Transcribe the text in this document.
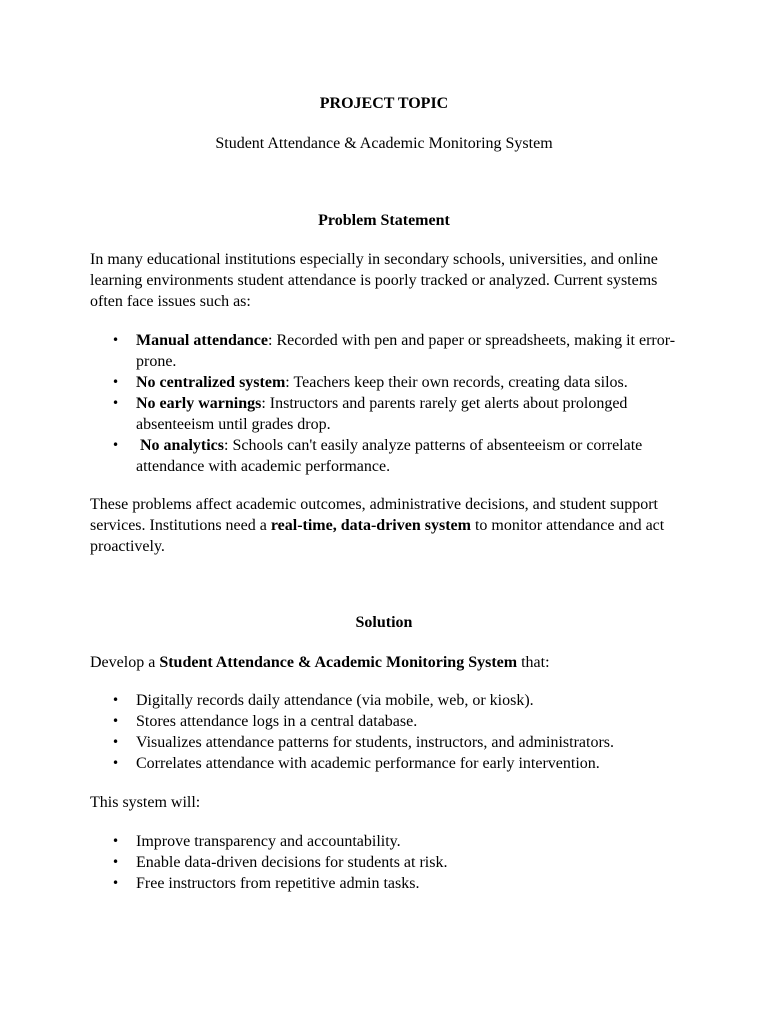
PROJECT TOPIC

Student Attendance & Academic Monitoring System

Problem Statement

In many educational institutions especially in secondary schools, universities, and online learning environments student attendance is poorly tracked or analyzed. Current systems often face issues such as:

• Manual attendance: Recorded with pen and paper or spreadsheets, making it error-prone.
• No centralized system: Teachers keep their own records, creating data silos.
• No early warnings: Instructors and parents rarely get alerts about prolonged absenteeism until grades drop.
• No analytics: Schools can't easily analyze patterns of absenteeism or correlate attendance with academic performance.

These problems affect academic outcomes, administrative decisions, and student support services. Institutions need a real-time, data-driven system to monitor attendance and act proactively.

Solution

Develop a Student Attendance & Academic Monitoring System that:

• Digitally records daily attendance (via mobile, web, or kiosk).
• Stores attendance logs in a central database.
• Visualizes attendance patterns for students, instructors, and administrators.
• Correlates attendance with academic performance for early intervention.

This system will:

• Improve transparency and accountability.
• Enable data-driven decisions for students at risk.
• Free instructors from repetitive admin tasks.
